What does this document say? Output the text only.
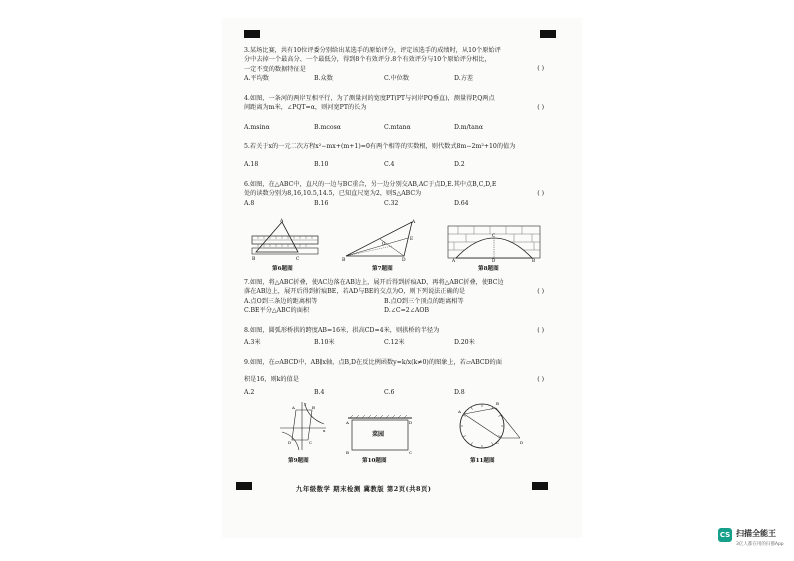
3.某场比赛，共有10位评委分别给出某选手的原始评分，评定该选手的成绩时，从10个原始评
分中去掉一个最高分、一个最低分，得到8个有效评分.8个有效评分与10个原始评分相比，
一定不变的数据特征是	( )
A.平均数	B.众数	C.中位数	D.方差
4.如图，一条河的两岸互相平行，为了测量河的宽度PT(PT与河岸PQ垂直)，测量得P,Q两点
间距离为m米，∠PQT=α，则河宽PT的长为	( )
A.msinα	B.mcosα	C.mtanα	D.m/tanα
5.若关于x的一元二次方程x²−mx+(m+1)=0有两个相等的实数根，则代数式8m−2m²+10的值为
A.18	B.10	C.4	D.2
6.如图，在△ABC中，直尺的一边与BC重合，另一边分别交AB,AC于点D,E.其中点B,C,D,E
处的读数分别为8,16,10.5,14.5，已知直尺宽为2，则S△ABC为	( )
A.8	B.16	C.32	D.64
A
B	C
第6题图
B	D
A
O
E
第7题图
C
D
A	B
第8题图
7.如图，将△ABC折叠，使AC边落在AB边上，展开后得到折痕AD，再将△ABC折叠，使BC边
落在AB边上，展开后得到折痕BE，若AD与BE的交点为O，则下列说法正确的是	( )
A.点O到三条边的距离相等	B.点O到三个顶点的距离相等
C.BE平分△ABC的面积	D.∠C=2∠AOB
8.如图，圆弧形桥拱的跨度AB=16米，拱高CD=4米，则拱桥的半径为	( )
A.3米	B.10米	C.12米	D.20米
9.如图，在▱ABCD中，AB∥x轴，点B,D在反比例函数y=k/x(k≠0)的图象上，若▱ABCD的面
积是16，则k的值是	( )
A.2	B.4	C.6	D.8
A	B
C
D
x
y
第9题图
A	D
B	C
菜园
第10题图
A
B
C	D
第11题图
九年级数学 期末检测 冀教版 第2页(共8页)
CS 扫描全能王
3亿人都在用的扫描App
